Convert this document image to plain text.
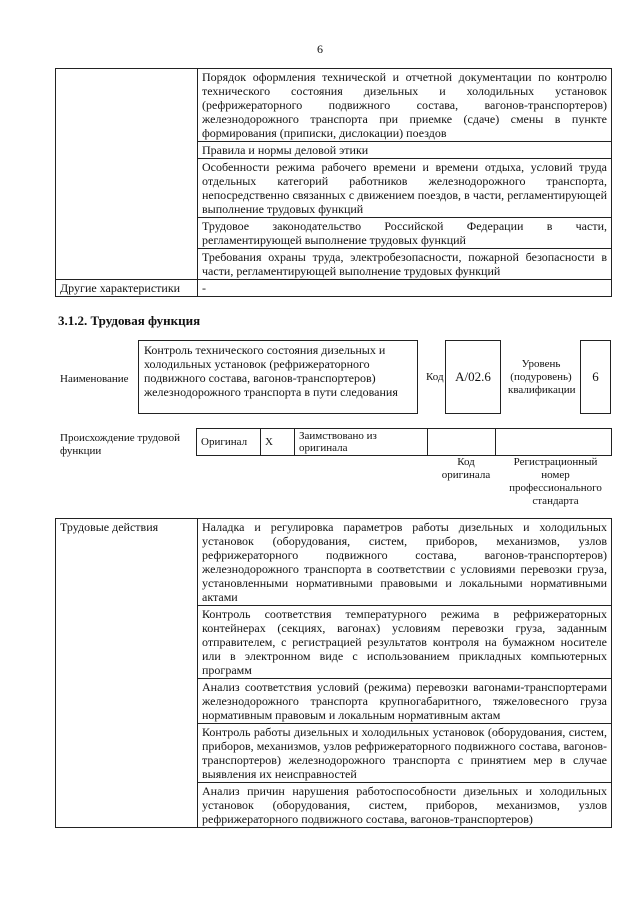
6
	Порядок оформления технической и отчетной документации по контролю технического состояния дизельных и холодильных установок (рефрижераторного подвижного состава, вагонов-транспортеров) железнодорожного транспорта при приемке (сдаче) смены в пункте формирования (приписки, дислокации) поездов
	Правила и нормы деловой этики
	Особенности режима рабочего времени и времени отдыха, условий труда отдельных категорий работников железнодорожного транспорта, непосредственно связанных с движением поездов, в части, регламентирующей выполнение трудовых функций
	Трудовое законодательство Российской Федерации в части, регламентирующей выполнение трудовых функций
	Требования охраны труда, электробезопасности, пожарной безопасности в части, регламентирующей выполнение трудовых функций
Другие характеристики	-
3.1.2. Трудовая функция
Наименование
Контроль технического состояния дизельных и холодильных установок (рефрижераторного подвижного состава, вагонов-транспортеров) железнодорожного транспорта в пути следования
Код A/02.6
Уровень (подуровень) квалификации
6
Происхождение трудовой функции
Оригинал	X	Заимствовано из оригинала		
Код оригинала
Регистрационный номер профессионального стандарта
Трудовые действия	Наладка и регулировка параметров работы дизельных и холодильных установок (оборудования, систем, приборов, механизмов, узлов рефрижераторного подвижного состава, вагонов-транспортеров) железнодорожного транспорта в соответствии с условиями перевозки груза, установленными нормативными правовыми и локальными нормативными актами
Контроль соответствия температурного режима в рефрижераторных контейнерах (секциях, вагонах) условиям перевозки груза, заданным отправителем, с регистрацией результатов контроля на бумажном носителе или в электронном виде с использованием прикладных компьютерных программ
Анализ соответствия условий (режима) перевозки вагонами-транспортерами железнодорожного транспорта крупногабаритного, тяжеловесного груза нормативным правовым и локальным нормативным актам
Контроль работы дизельных и холодильных установок (оборудования, систем, приборов, механизмов, узлов рефрижераторного подвижного состава, вагонов-транспортеров) железнодорожного транспорта с принятием мер в случае выявления их неисправностей
Анализ причин нарушения работоспособности дизельных и холодильных установок (оборудования, систем, приборов, механизмов, узлов рефрижераторного подвижного состава, вагонов-транспортеров)
